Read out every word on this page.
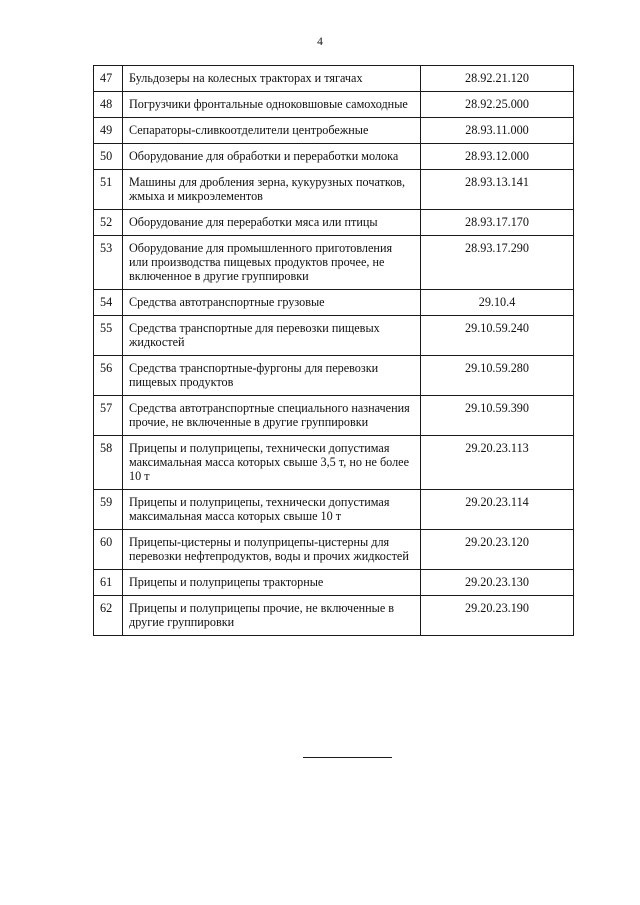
4
47	Бульдозеры на колесных тракторах и тягачах	28.92.21.120
48	Погрузчики фронтальные одноковшовые самоходные	28.92.25.000
49	Сепараторы-сливкоотделители центробежные	28.93.11.000
50	Оборудование для обработки и переработки молока	28.93.12.000
51	Машины для дробления зерна, кукурузных початков, жмыха и микроэлементов	28.93.13.141
52	Оборудование для переработки мяса или птицы	28.93.17.170
53	Оборудование для промышленного приготовления или производства пищевых продуктов прочее, не включенное в другие группировки	28.93.17.290
54	Средства автотранспортные грузовые	29.10.4
55	Средства транспортные для перевозки пищевых жидкостей	29.10.59.240
56	Средства транспортные-фургоны для перевозки пищевых продуктов	29.10.59.280
57	Средства автотранспортные специального назначения прочие, не включенные в другие группировки	29.10.59.390
58	Прицепы и полуприцепы, технически допустимая максимальная масса которых свыше 3,5 т, но не более 10 т	29.20.23.113
59	Прицепы и полуприцепы, технически допустимая максимальная масса которых свыше 10 т	29.20.23.114
60	Прицепы-цистерны и полуприцепы-цистерны для перевозки нефтепродуктов, воды и прочих жидкостей	29.20.23.120
61	Прицепы и полуприцепы тракторные	29.20.23.130
62	Прицепы и полуприцепы прочие, не включенные в другие группировки	29.20.23.190
